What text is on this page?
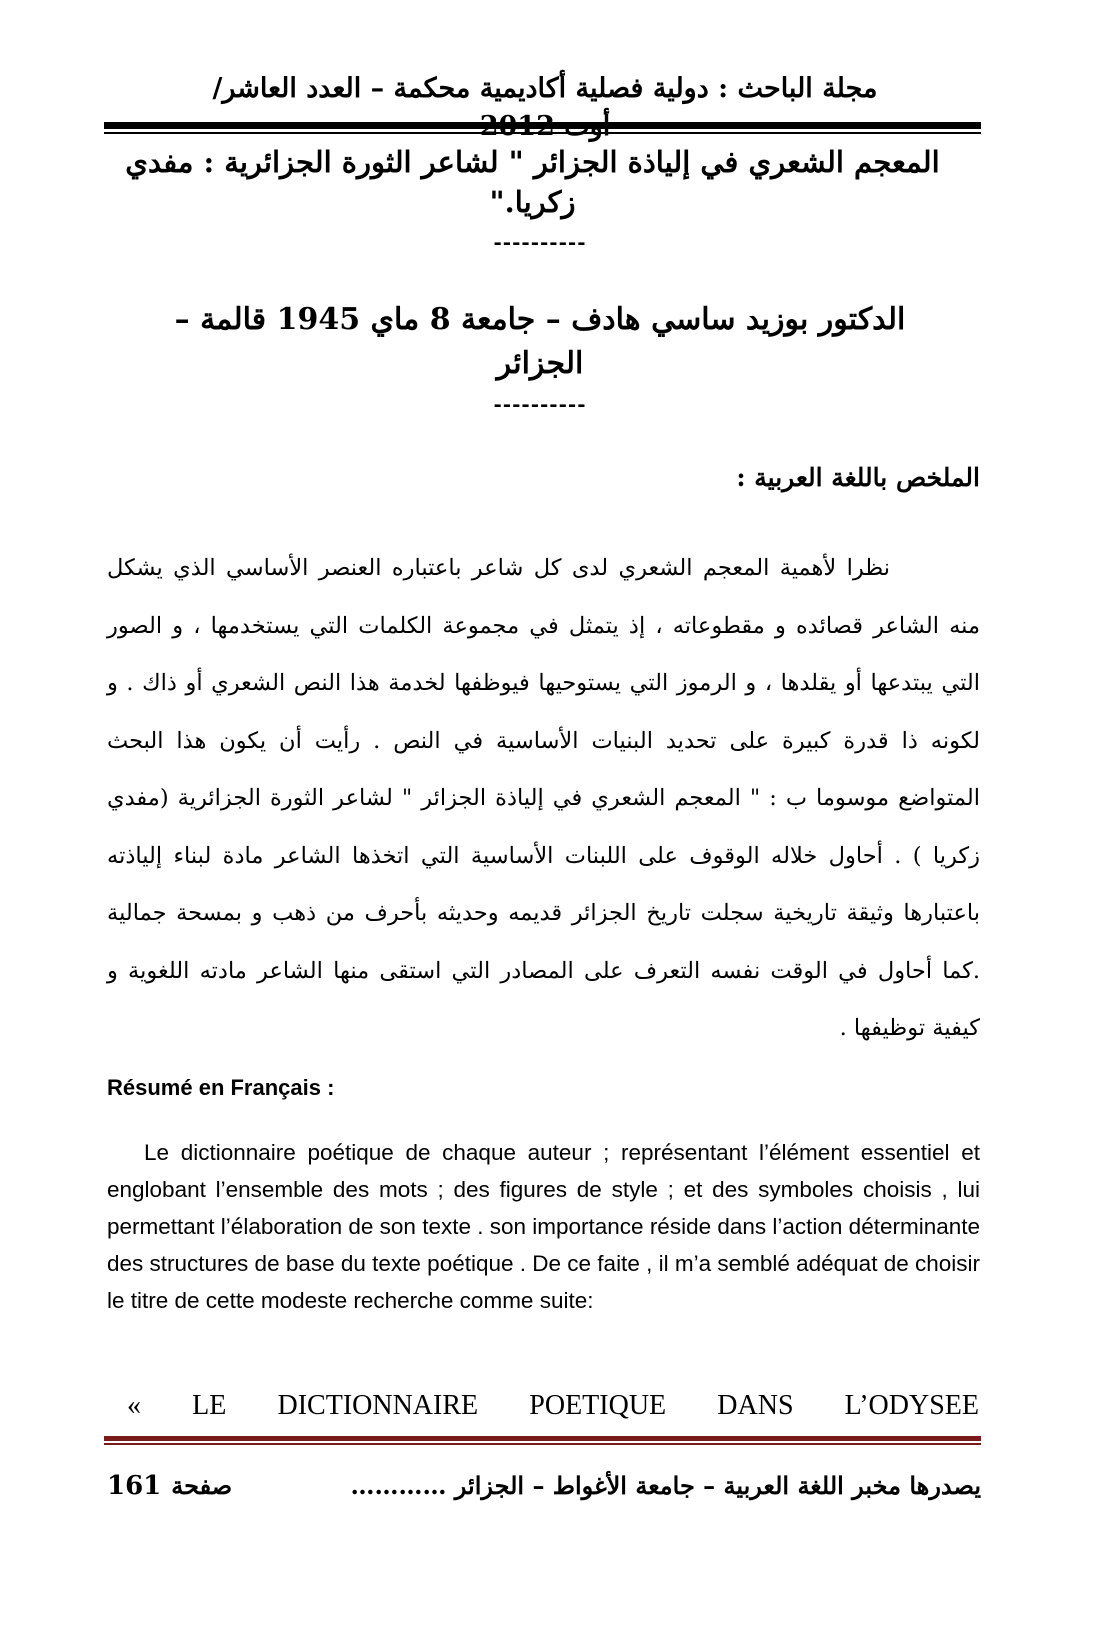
مجلة الباحث : دولية فصلية أكاديمية محكمة – العدد العاشر/
المعجم الشعري في إلياذة الجزائر " لشاعر الثورة الجزائرية : مفدي زكريا."
----------
الدكتور بوزيد ساسي هادف – جامعة 8 ماي 1945 قالمة – الجزائر
----------
الملخص باللغة العربية :
نظرا لأهمية المعجم الشعري لدى كل شاعر باعتباره العنصر الأساسي الذي يشكل منه الشاعر قصائده و مقطوعاته ، إذ يتمثل في مجموعة الكلمات التي يستخدمها ، و الصور التي يبتدعها أو يقلدها ، و الرموز التي يستوحيها فيوظفها لخدمة هذا النص الشعري أو ذاك . و لكونه ذا قدرة كبيرة على تحديد البنيات الأساسية في النص . رأيت أن يكون هذا البحث المتواضع موسوما ب : " المعجم الشعري في إلياذة الجزائر " لشاعر الثورة الجزائرية (مفدي زكريا ) . أحاول خلاله الوقوف على اللبنات الأساسية التي اتخذها الشاعر مادة لبناء إلياذته باعتبارها وثيقة تاريخية سجلت تاريخ الجزائر قديمه وحديثه بأحرف من ذهب و بمسحة جمالية .كما أحاول في الوقت نفسه التعرف على المصادر التي استقى منها الشاعر مادته اللغوية و كيفية توظيفها .
Résumé en Français :
Le dictionnaire poétique de chaque auteur ; représentant l’élément essentiel et englobant l’ensemble des mots ; des figures de style ; et des symboles choisis , lui permettant l’élaboration de son texte . son importance réside dans l’action déterminante des structures de base du texte poétique . De ce faite , il m’a semblé adéquat de choisir le titre de cette modeste recherche comme suite:
« LE DICTIONNAIRE POETIQUE DANS L’ODYSEE
يصدرها مخبر اللغة العربية – جامعة الأغواط – الجزائر …………
161 صفحة
